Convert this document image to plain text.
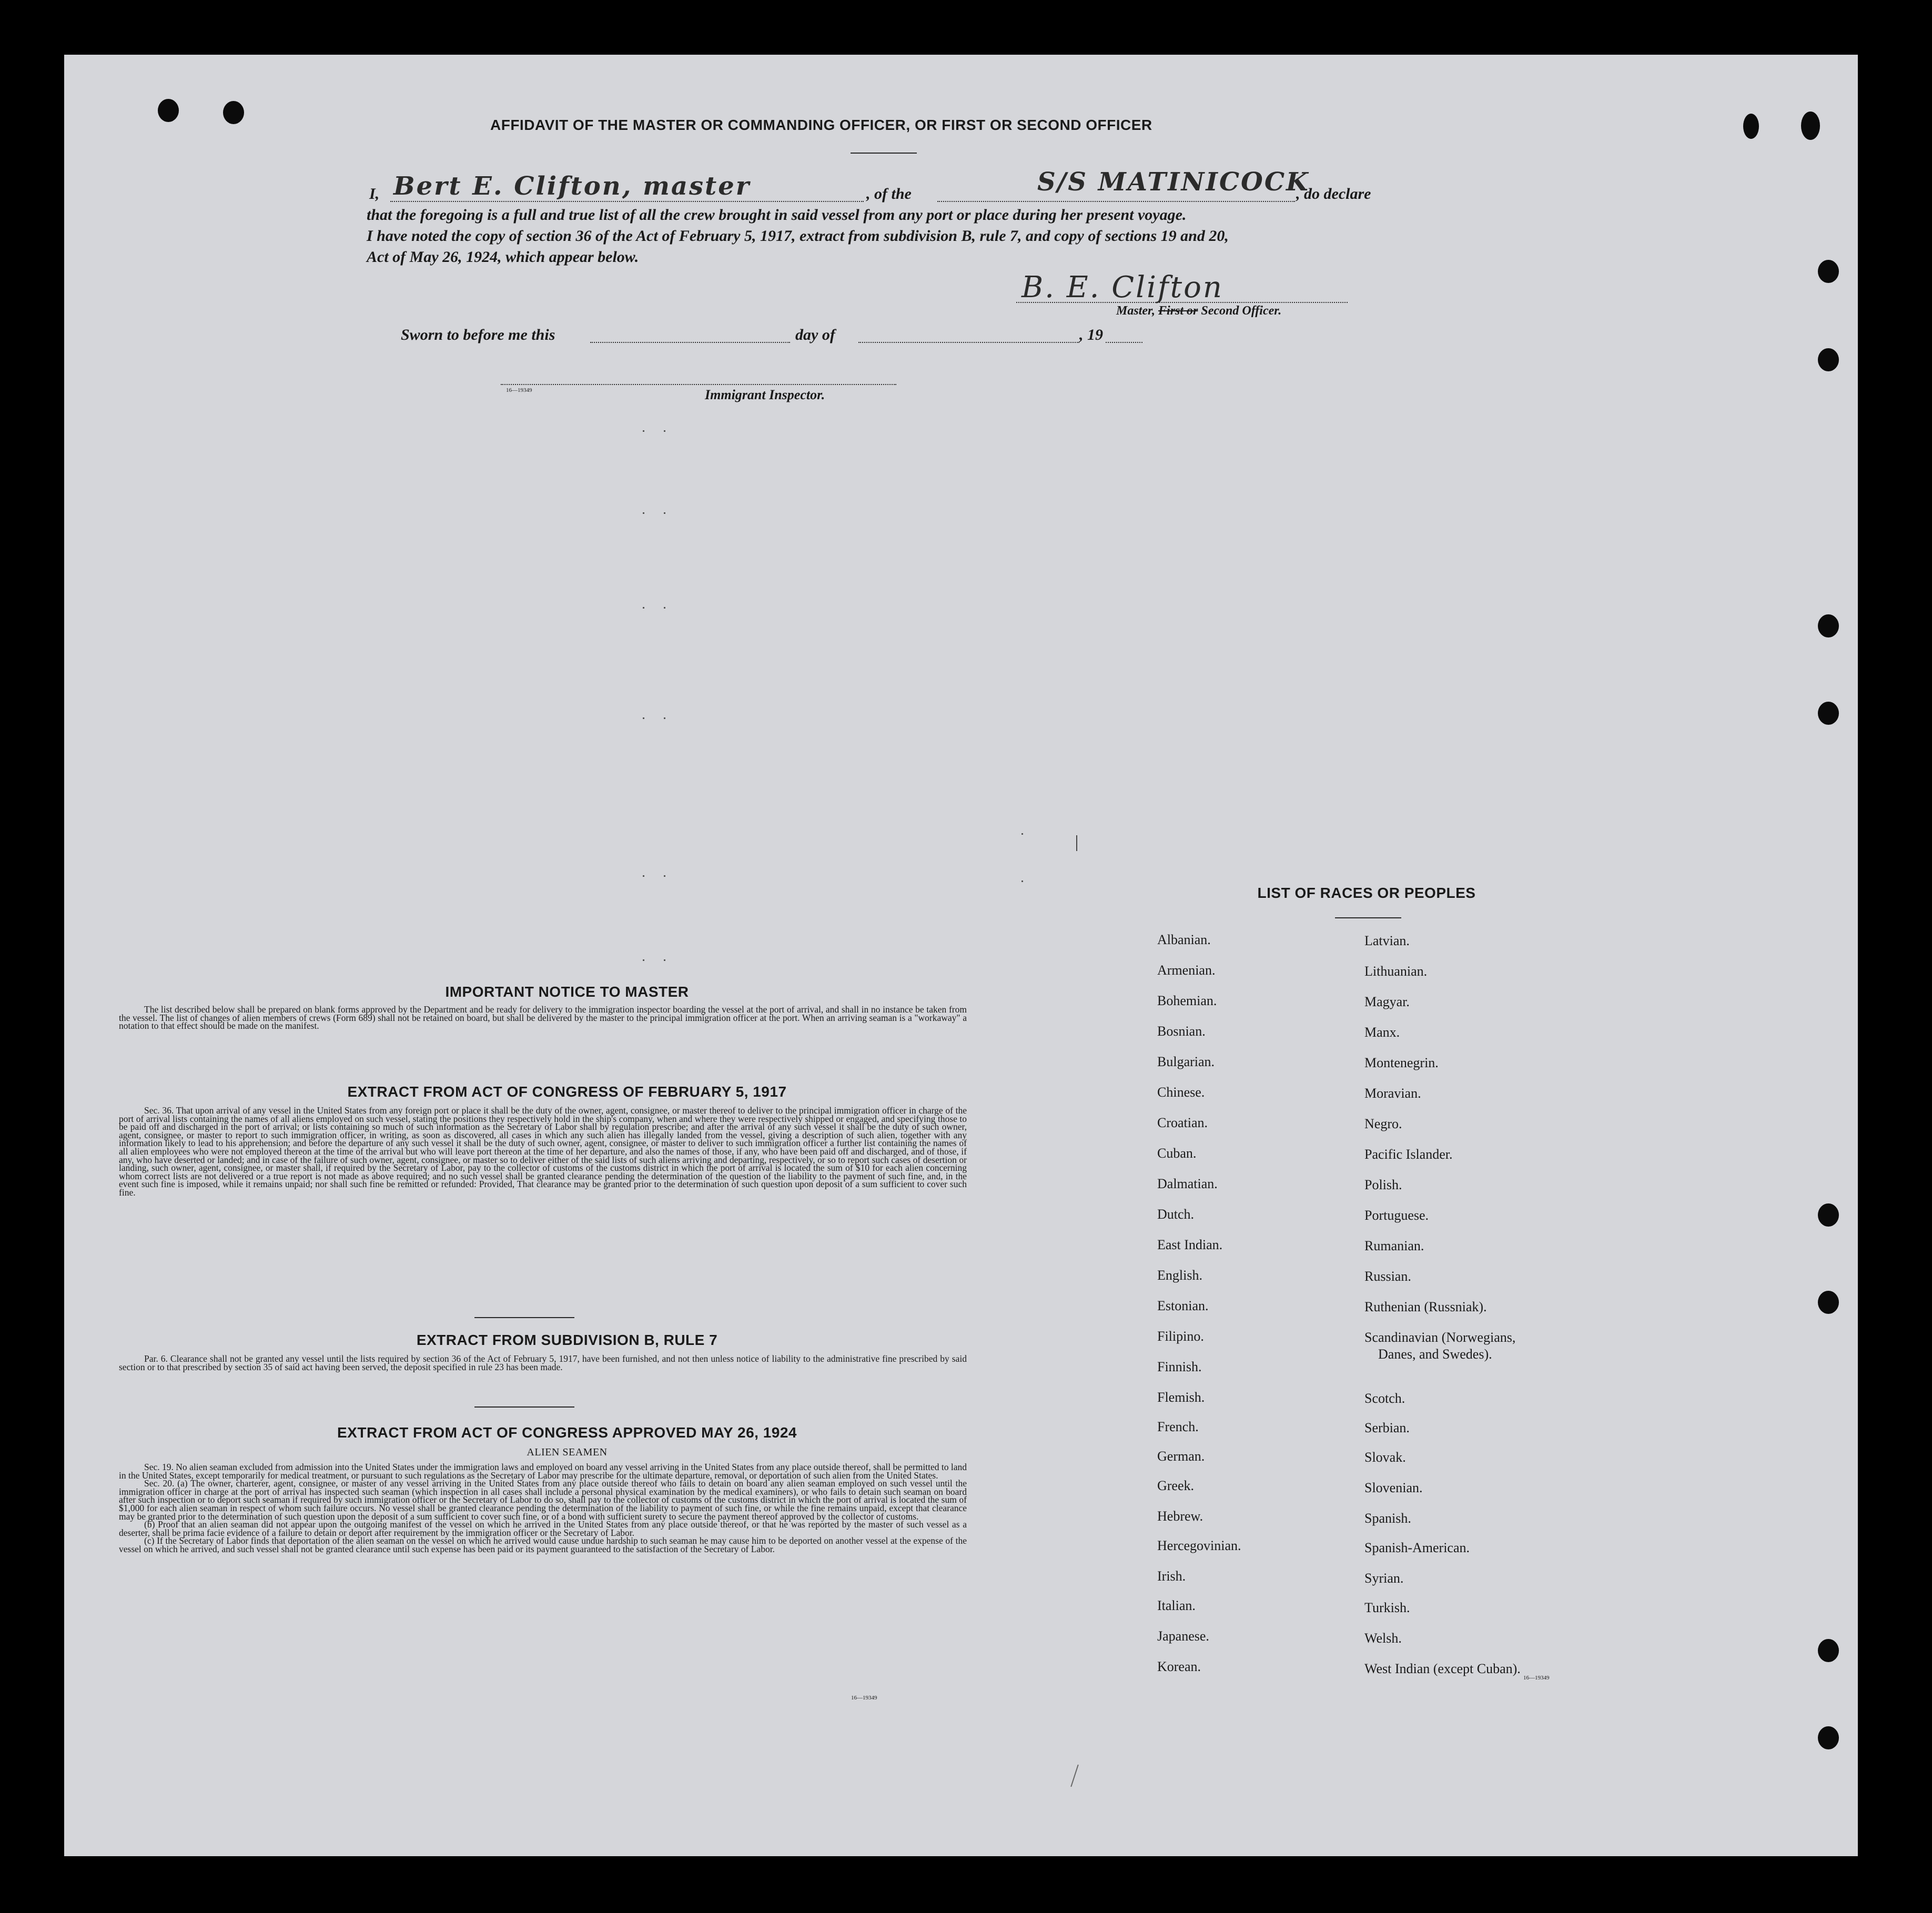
AFFIDAVIT OF THE MASTER OR COMMANDING OFFICER, OR FIRST OR SECOND OFFICER
I, Bert E. Clifton, master	, of the	S/S MATINICOCK
, do declare
that the foregoing is a full and true list of all the crew brought in said vessel from any port or place during her present voyage.
I have noted the copy of section 36 of the Act of February 5, 1917, extract from subdivision B, rule 7, and copy of sections 19 and 20,
Act of May 26, 1924, which appear below.
B. E. Clifton
Master, First or Second Officer.
Sworn to before me this	day of	, 19
16—19349	Immigrant Inspector.
IMPORTANT NOTICE TO MASTER
The list described below shall be prepared on blank forms approved by the Department and be ready for delivery to the immigration inspector boarding the vessel at the port of arrival, and shall in no instance be taken from the vessel. The list of changes of alien members of crews (Form 689) shall not be retained on board, but shall be delivered by the master to the principal immigration officer at the port. When an arriving seaman is a "workaway" a notation to that effect should be made on the manifest.
EXTRACT FROM ACT OF CONGRESS OF FEBRUARY 5, 1917
Sec. 36. That upon arrival of any vessel in the United States from any foreign port or place it shall be the duty of the owner, agent, consignee, or master thereof to deliver to the principal immigration officer in charge of the port of arrival lists containing the names of all aliens employed on such vessel, stating the positions they respectively hold in the ship's company, when and where they were respectively shipped or engaged, and specifying those to be paid off and discharged in the port of arrival; or lists containing so much of such information as the Secretary of Labor shall by regulation prescribe; and after the arrival of any such vessel it shall be the duty of such owner, agent, consignee, or master to report to such immigration officer, in writing, as soon as discovered, all cases in which any such alien has illegally landed from the vessel, giving a description of such alien, together with any information likely to lead to his apprehension; and before the departure of any such vessel it shall be the duty of such owner, agent, consignee, or master to deliver to such immigration officer a further list containing the names of all alien employees who were not employed thereon at the time of the arrival but who will leave port thereon at the time of her departure, and also the names of those, if any, who have been paid off and discharged, and of those, if any, who have deserted or landed; and in case of the failure of such owner, agent, consignee, or master so to deliver either of the said lists of such aliens arriving and departing, respectively, or so to report such cases of desertion or landing, such owner, agent, consignee, or master shall, if required by the Secretary of Labor, pay to the collector of customs of the customs district in which the port of arrival is located the sum of $10 for each alien concerning whom correct lists are not delivered or a true report is not made as above required; and no such vessel shall be granted clearance pending the determination of the question of the liability to the payment of such fine, and, in the event such fine is imposed, while it remains unpaid; nor shall such fine be remitted or refunded: Provided, That clearance may be granted prior to the determination of such question upon deposit of a sum sufficient to cover such fine.
EXTRACT FROM SUBDIVISION B, RULE 7
Par. 6. Clearance shall not be granted any vessel until the lists required by section 36 of the Act of February 5, 1917, have been furnished, and not then unless notice of liability to the administrative fine prescribed by said section or to that prescribed by section 35 of said act having been served, the deposit specified in rule 23 has been made.
EXTRACT FROM ACT OF CONGRESS APPROVED MAY 26, 1924
ALIEN SEAMEN
Sec. 19. No alien seaman excluded from admission into the United States under the immigration laws and employed on board any vessel arriving in the United States from any place outside thereof, shall be permitted to land in the United States, except temporarily for medical treatment, or pursuant to such regulations as the Secretary of Labor may prescribe for the ultimate departure, removal, or deportation of such alien from the United States.
Sec. 20. (a) The owner, charterer, agent, consignee, or master of any vessel arriving in the United States from any place outside thereof who fails to detain on board any alien seaman employed on such vessel until the immigration officer in charge at the port of arrival has inspected such seaman (which inspection in all cases shall include a personal physical examination by the medical examiners), or who fails to detain such seaman on board after such inspection or to deport such seaman if required by such immigration officer or the Secretary of Labor to do so, shall pay to the collector of customs of the customs district in which the port of arrival is located the sum of $1,000 for each alien seaman in respect of whom such failure occurs. No vessel shall be granted clearance pending the determination of the liability to payment of such fine, or while the fine remains unpaid, except that clearance may be granted prior to the determination of such question upon the deposit of a sum sufficient to cover such fine, or of a bond with sufficient surety to secure the payment thereof approved by the collector of customs.
(b) Proof that an alien seaman did not appear upon the outgoing manifest of the vessel on which he arrived in the United States from any place outside thereof, or that he was reported by the master of such vessel as a deserter, shall be prima facie evidence of a failure to detain or deport after requirement by the immigration officer or the Secretary of Labor.
(c) If the Secretary of Labor finds that deportation of the alien seaman on the vessel on which he arrived would cause undue hardship to such seaman he may cause him to be deported on another vessel at the expense of the vessel on which he arrived, and such vessel shall not be granted clearance until such expense has been paid or its payment guaranteed to the satisfaction of the Secretary of Labor.
16—19349
LIST OF RACES OR PEOPLES
Albanian.
Armenian.
Bohemian.
Bosnian.
Bulgarian.
Chinese.
Croatian.
Cuban.
Dalmatian.
Dutch.
East Indian.
English.
Estonian.
Filipino.
Finnish.
Flemish.
French.
German.
Greek.
Hebrew.
Hercegovinian.
Irish.
Italian.
Japanese.
Korean.
Latvian.
Lithuanian.
Magyar.
Manx.
Montenegrin.
Moravian.
Negro.
Pacific Islander.
Polish.
Portuguese.
Rumanian.
Russian.
Ruthenian (Russniak).
Scandinavian (Norwegians,
Danes, and Swedes).
Scotch.
Serbian.
Slovak.
Slovenian.
Spanish.
Spanish-American.
Syrian.
Turkish.
Welsh.
West Indian (except Cuban).
16—19349
